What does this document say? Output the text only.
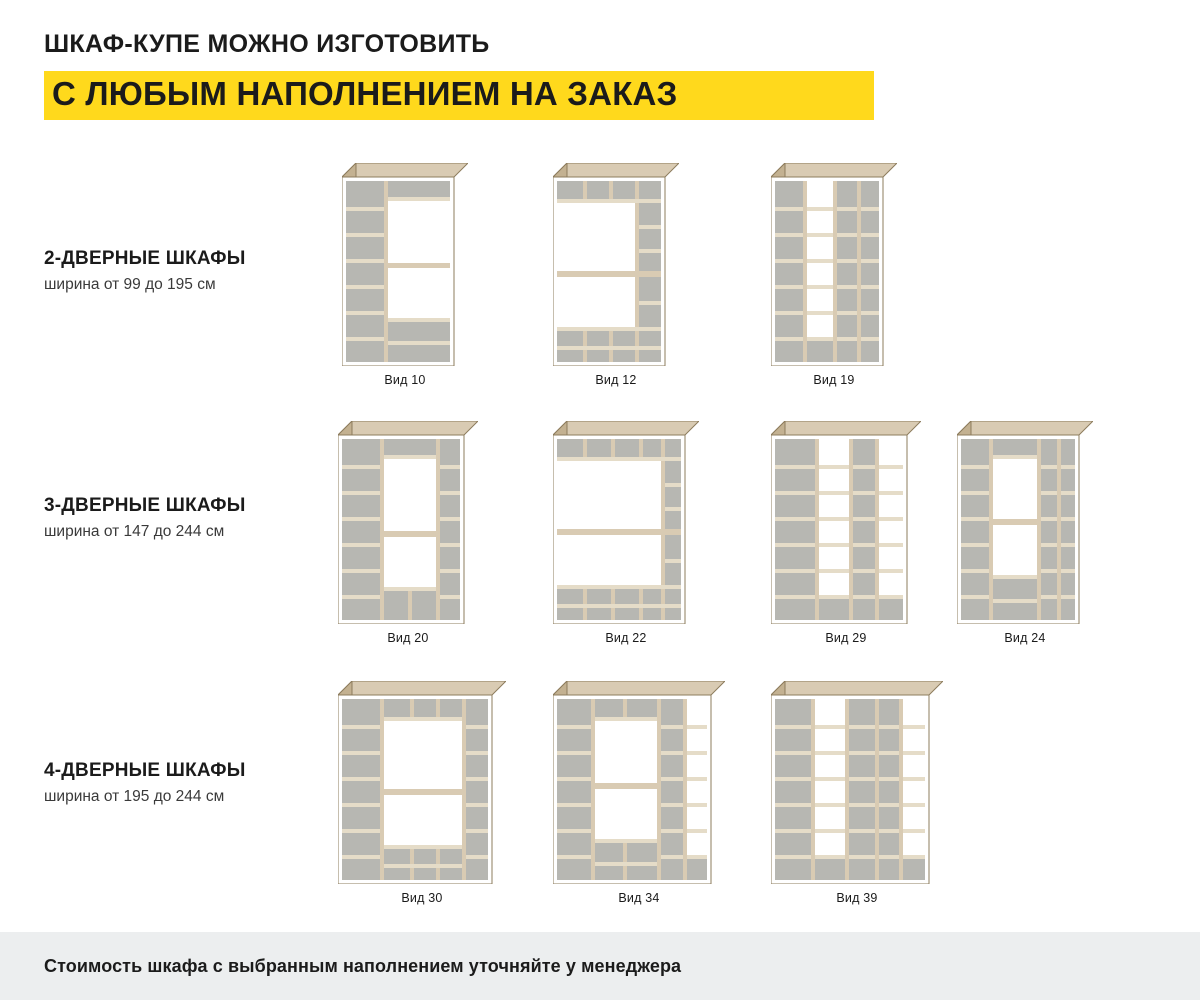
ШКАФ-КУПЕ МОЖНО ИЗГОТОВИТЬ
С ЛЮБЫМ НАПОЛНЕНИЕМ НА ЗАКАЗ
2-ДВЕРНЫЕ ШКАФЫ
ширина от 99 до 195 см
3-ДВЕРНЫЕ ШКАФЫ
ширина от 147 до 244 см
4-ДВЕРНЫЕ ШКАФЫ
ширина от 195 до 244 см
Вид 10	Вид 12	Вид 19
Вид 20	Вид 22	Вид 29	Вид 24
Вид 30	Вид 34	Вид 39
Стоимость шкафа с выбранным наполнением уточняйте у менеджера
